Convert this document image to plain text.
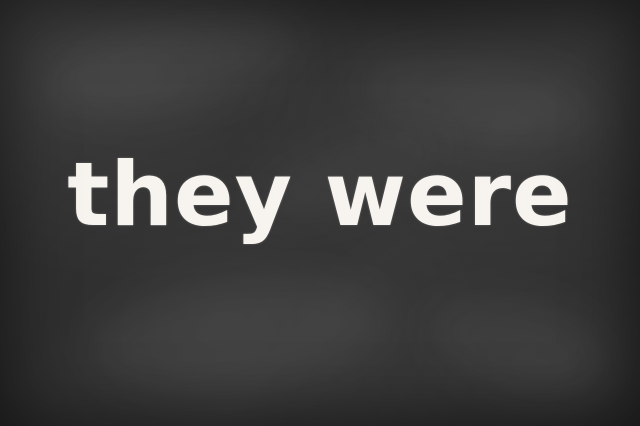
they were
